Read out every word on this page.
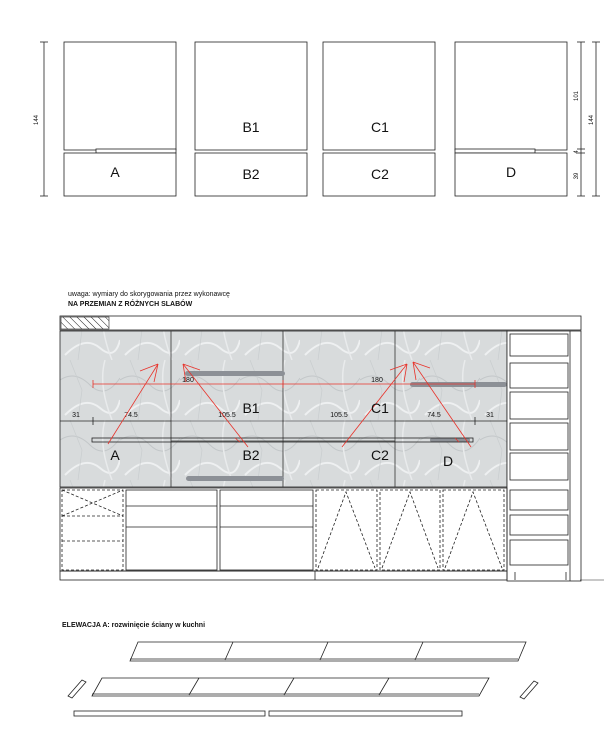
144
A
B1
B2
C1
C2	D
101
144
4
39
uwaga: wymiary do skorygowania przez wykonawcę
NA PRZEMIAN Z RÓŻNYCH SLABÓW
180	180
31	74.5	105.5	105.5	74.5	31
B1	C1
A	B2	C2	D
ELEWACJA A: rozwinięcie ściany w kuchni
